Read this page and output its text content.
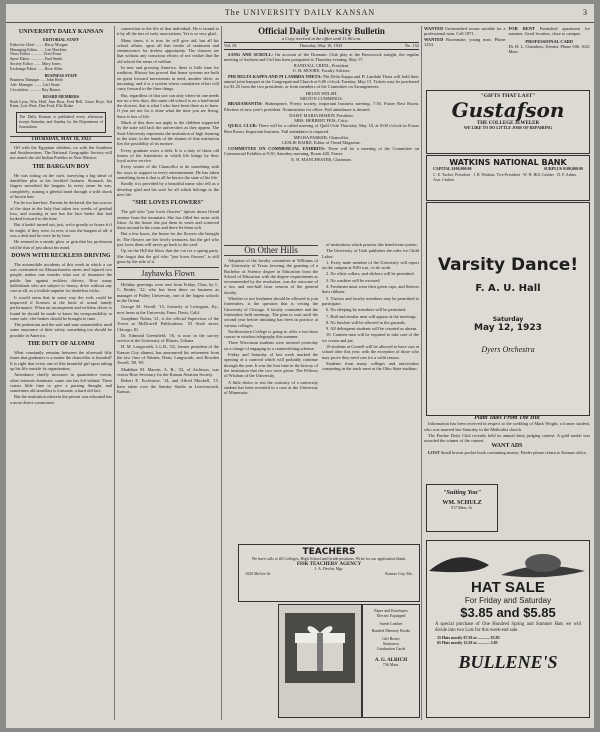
The UNIVERSITY DAILY KANSAN	3
UNIVERSITY DAILY KANSAN
EDITORIAL STAFF
Editor-in-Chief ........ Harry Morgan
Managing Editor ...... Lee Hawkins
News Editor ............ Fred Foust
Sport Editor ............. Paul Smith
Society Editor ....... Mary Jones
Exchange Editor ...... Rose Allen
BUSINESS STAFF
Business Manager ..... John Reid
Adv. Manager ........ Carl Stone
Circulation ............ Ray Barnes
BOARD MEMBERS
Ruth Lyon, Wm. Hall, Ann Ross, Fred Bell, Grace Hoyt, Ted Kane, Lois Ware, Dan Ford, Ella Drake
The Daily Kansan is published every afternoon except Saturday and Sunday by the Department of Journalism.
THURSDAY, MAY 10, 1923

Off with the Egyptian children, on with the Southern and Southwestern. The National Geographic Society will not match the old Indian Pueblos in New Mexico.

THE BARGAIN BOY

He was sitting on the curb, surveying a big sheaf of dandelion plus at his freckled features. Stomach, his fingers smoothed the bargain. In every sense he was, completely, ruining a gleeful hand through a wild shock of brown hair.

Far be too barefoot. Parents he declared, the last sorrow of the days in the lady that taken two weeks of gradual loss, and wasting in sun has the face broke that had looked forward to the time.

But it hadn't turned out, just, we're greatly so house it if he might, if they were, in ever, it was the bargain of all; it was a deal and he were he by here.

He seemed in a steady glow or grin that his profession will be that of just about his mind.

DOWN WITH RECKLESS DRIVING

The automobile accidents of this week in which a car was overturned on Massachusetts street and injured two people, makes one wonder what sort of insurance the public has against reckless drivers. How many individuals who are subject to frenzy, drive without any care at all, as a foolish impulse for doubtless tricks.

It would seem that in some way the evils could be improved if licenses at the basis of actual family performance. When an incompetent and reckless driver is found he should be made to know his irresponsibility to some safe, else brakes should be brought to time.

The pedestrian and the safe and sane automobilist need some assurance of their safety, something too should be possible in America.

THE DUTY OF ALUMNI

What constantly remains between the aforesaid fifty times that graduates is a matter the chancellor is founded? It is right that every one of this beautiful girl upon taking up his life outside its organization.

Attendance chiefly increases in quantitative extent, other interests dominate, some one has left behind. There comes little time to give a passing thought, and sometimes old steadfast is fortunate, a hard old fact.

But the institution wherein the person was educated has a more direct connection.

connection to the life of that individual. He is bound to it by all the ties of early associations. Yet is so very glad.

Many times, it is true, he will give aid, but all his school affairs, upon all that tender of sentiment and reminiscence for tireless opportunity. The chances are that without any conscious efforts of not realize that the old school the sense of welfare.

In new and growing America, there is little time for tradition. History has proved that home systems are built on great forward movements in need, another drive, as incoming, and it is a system where cumulative effort will carry forward to the finer things.

But, regardless of that sort can only where in one needs nor no a few days, this same old school is on a hard-mind the slowest, that is what I who have been there as to have. If you are not for it done what the time you are living, there is lots of life.

Much of this does not apply to the children supported by the state will lack the universities as they appear. The State University represents the institution of high learning in the state, in the hands of the alumni of that institution lies the possibility of its nurture.

Every graduate owes a debt. It is a duty of those old timers of the fraternities to which life brings by their loyal active service.

Every winter of the Chancellor to do something with his ways to support in every entertainment. He has taken something from it that is all he knows the state of his life.

Kindly it is provided by a beautiful name who fell as a dewdrop glad and his soul for all which belongs to the new life.

"SHE LOVES FLOWERS"

The girl who "just loves flowers" tiptoes down Oread avenue from the mountain. She has filled her arms with lilacs. At the house she put them in vases and scattered them around in the room and there let them wilt.

But a few hours, the house for the flowers she brought in. The flowers are her lovely treasures, but the girl who just loves them will never go back to the yard.

Up on the Hill the lilacs that she cut for a spring party. She forgot that the girl who "just loves flowers" is still gone by the side of it.

Jayhawks Flown

Holiday greetings were sent from Friday, Chas. by L. C. Reider, '22, who has been there on business as manager of Pulley University, one of the largest schools in the Orient.

George M. Verrall, '15, formerly at Lexington, Ky., now hears at the University Farm, Davis, Calif.

Josephine Nolan, '21, is the official Supervisor of the Tower at McDowell Publications, '23 Sixth street, Chicago, Ill.

Dr. Edmund Greenfield, '16, is now in the survey service at the University of Illinois, Urbana.

H. M. Longworth, L.L.B., '02, former president of the Kansas City alumni, has announced his retirement from the law firm of Warner, Dean, Langworth, and Bowden Terrell, '08, '09.

Madeline M. Marvin, A. B., '22, of Atchison, was visitor Rose Secretary for the Kansas Aviation Society.

Robert E. Ecclestine, '14, and Alfred Mitchell, '15, have taken over the Sunday Studio in Leavenworth, Kansas.

Official Daily University Bulletin
a Copy received at the office until 11:00 a.m.
Vol. IX	Thursday, May 10, 1923	No. 152

SANG AND SCROLL: On account of the Dramatic Club play at the Bowersock tonight, the regular meeting of Sachem and Owl has been postponed to Thursday evening, May 17.

RANDALL CREEL, President.
U. H. MOORE, Faculty Adviser.

PHI DELTA KAPPA AND PI LAMBDA THETA: Phi Delta Kappa and Pi Lambda Theta will hold their annual joint banquet at the Congregational Church at 6:00 o'clock Tuesday, May 15. Tickets may be purchased for $1.25 from the two presidents, or from members of the Committee on Arrangements.

HELEN WELSH.
MILTON CUMMINGS.

BRADAMANTIS: Shakespeare, Poetry society, important business meeting, 7:30, Fraser Rest Room. Election of new year's president. Nominations for office. Full attendance is desired.

DAISY MARIA BISHOP, President.
MRS. HERBERT FEIS, Critic.

QUILL CLUB: There will be a called meeting of Quill Club Thursday, May 10, at 8:00 o'clock in Fraser Rest Room. Important business. Full attendance is required.

MELBA PARKER, Chancellor.
LESLIE BAIRD, Editor of Oread Magazine.

COMMITTEE ON COMMERCIAL EXHIBITS: There will be a meeting of the Committee on Commercial Exhibits at 9:30, Saturday morning, Room 420, Fraser.

E. H. MANCHESTER, Chairman.
On Other Hills

Adoption of the faculty committee at Williams of the University of Texas favoring the granting of a Bachelor of Science degree in Education from the School of Education with the degree requirements as recommended by the resolution, was the outcome of a two and one-half hour session of the general faculty.

Whether or not freshmen should be allowed to join fraternities, is the question that is vexing the University of Chicago. A faculty committee and the fraternities held meetings. The plan to wait until the second year before initiating has been in practice at various colleges.

Northwestern College is going to offer a two-hour course in wireless telegraphy this summer.

Three Wisconsin students were arrested yesterday on a charge of engaging in a counterfeiting scheme.

Friday and Saturday of last week marked the opening of a carnival which will probably continue through the year. It was the first time in the history of the institution that the two were given. The Fellows of Wisdom of the University.

A little desire to test the curiosity of a university student has been revealed in a case at the University of Minnesota.

of institutions which possess this beneficent system.

The University of Utah publishes the rules for Child Labor:

1. Every male member of the University will report on the campus at 8:00 a.m., to do work.

2. No white collars, and slickers will be permitted.

3. No roadster will be excused.

4. Freshmen must wear their green caps, and Seniors their ribbons.

5. Visitors and faculty members may be permitted to participate.

6. No sleeping by members will be permitted.

7. Bull and similar men will appear at the meetings.

8. No lunches will be allowed in the grounds.

9. All delinquent students will be counted as absent.

10. Canteen men will be required to take care of the ice cream and pie.

10 students at Cornell will be allowed to have cars at school after this year, with the exception of those who may prove they need cars for a valid reason.

Students from many colleges and universities competing in the track meet at the Ohio State stadium.

TEACHERS
We have calls to fill Colleges, High School and Grade positions. Write for our application blank.
FISK TEACHERS' AGENCY
J. A. Devlin, Mgr.
1020 McGee St.	Kansas City, Mo.
Paper and Envelopes
Electric Equipped
Suede Leather
Bonded Memory Books
Gift Boxes
Stationery
Graduation Cards
A. G. ALRICH
736 Mass.
WANTED Unfurnished rooms suitable for a professional man. Call 1871.
WANTED Roommate, young man. Phone 1234.
FOR RENT Furnished apartment for summer. Good location, close to campus.
PROFESSIONAL CARD
Dr. H. L. Chambers, Dentist. Phone 506. 1021 Mass.
"GIFTS THAT LAST"
Gustafson
THE COLLEGE JEWELER
WE LIKE TO DO LITTLE JOBS OF REPAIRING
WATKINS NATIONAL BANK
CAPITAL $100,000.00	SURPLUS $100,000.00
C. E. Tucker, President · J. B. Watkins, Vice-President · W. H. Hill, Cashier · D. F. Adam, Asst. Cashier
Varsity Dance!
F. A. U. Hall
Saturday
May 12, 1923
Dyers Orchestra
Plain Tales From The Hill

Information has been received in respect to the wedding of Mark Wright, a former student, who was married last Saturday in the Methodist church.

The Purdue Dairy Club recently held its annual dairy judging contest. A gold medal was awarded the winner of the contest.

WANT ADS

LOST Small brown pocket book containing money. Finder please return to Kansan office.

"Suiting You"
WM. SCHULZ
917 Mass. St.
HAT SALE
For Friday and Saturday
$3.85 and $5.85
A special purchase of One Hundred Spring and Summer Hats we will divide into two Lots for this week-end sale.
35 Hats mostly $7.50 at ............ $3.85
65 Hats mostly 12.50 at ............ 5.85
BULLENE'S
